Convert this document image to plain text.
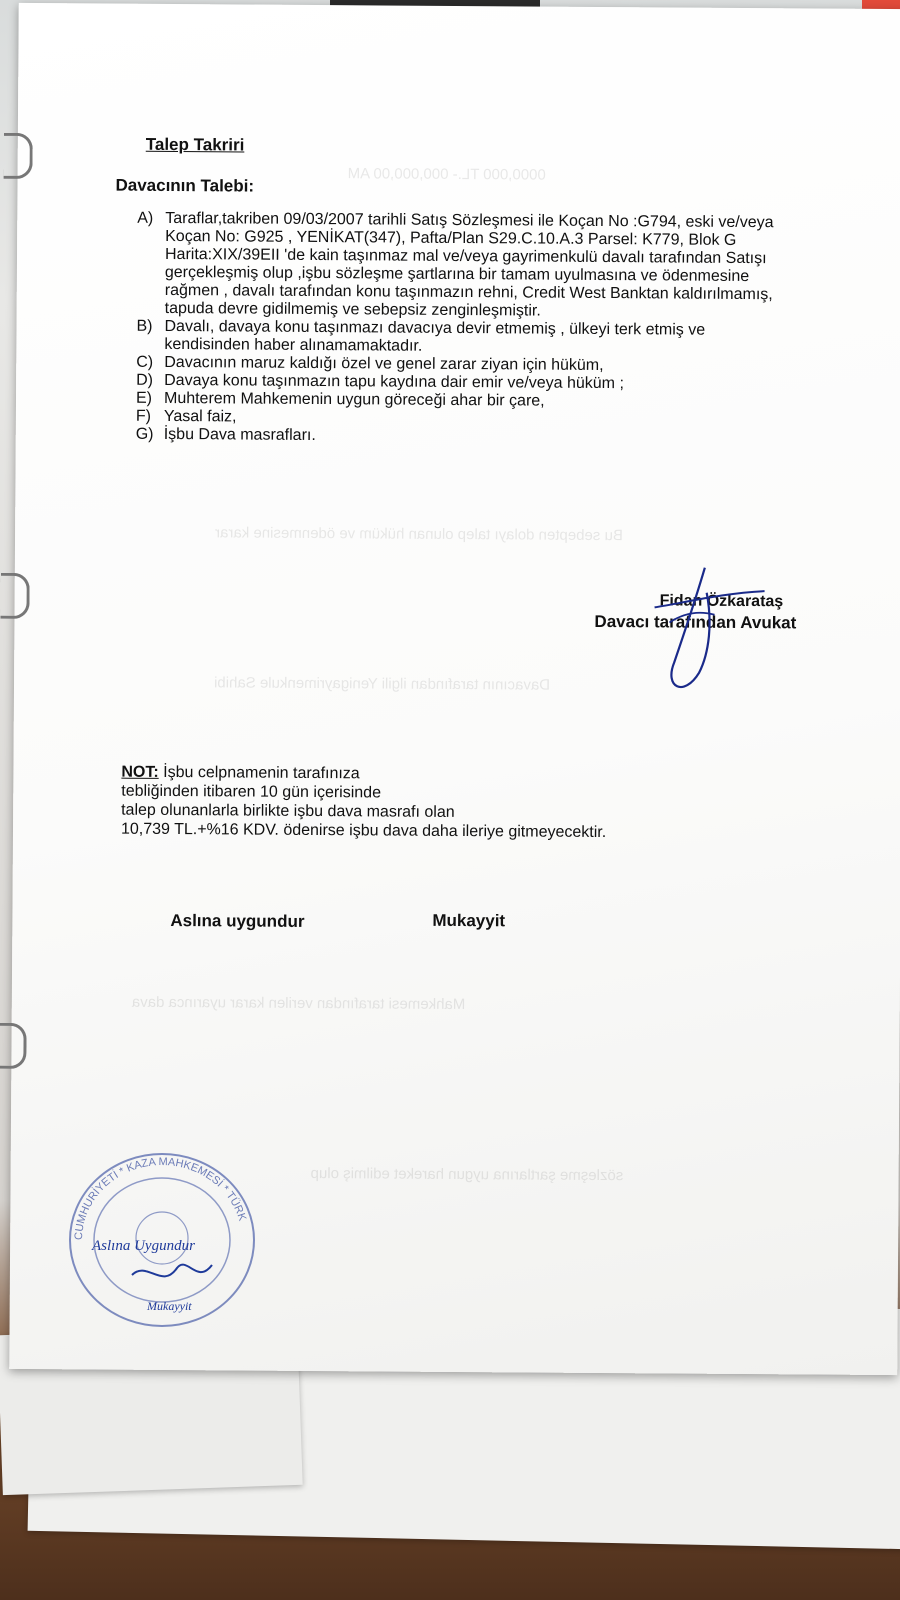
0000,000 TL.- 000,000,00 AM
Bu sebepten dolayı talep olunan hüküm ve ödenmesine karar
Davacının tarafından ilgili Yenigayrimenkule Sahibi
Mahkemesi tarafından verilen karar uyarınca dava
sözleşme şartlarına uygun hareket edilmiş olup
Talep Takriri
Davacının Talebi:
A) Taraflar,takriben 09/03/2007 tarihli Satış Sözleşmesi ile Koçan No :G794, eski ve/veya
Koçan No: G925 , YENİKAT(347), Pafta/Plan S29.C.10.A.3 Parsel: K779, Blok G
Harita:XIX/39EII 'de kain taşınmaz mal ve/veya gayrimenkulü davalı tarafından Satışı
gerçekleşmiş olup ,işbu sözleşme şartlarına bir tamam uyulmasına ve ödenmesine
rağmen , davalı tarafından konu taşınmazın rehni, Credit West Banktan kaldırılmamış,
tapuda devre gidilmemiş ve sebepsiz zenginleşmiştir.
B) Davalı, davaya konu taşınmazı davacıya devir etmemiş , ülkeyi terk etmiş ve
kendisinden haber alınamamaktadır.
C) Davacının maruz kaldığı özel ve genel zarar ziyan için hüküm,
D) Davaya konu taşınmazın tapu kaydına dair emir ve/veya hüküm ;
E) Muhterem Mahkemenin uygun göreceği ahar bir çare,
F) Yasal faiz,
G) İşbu Dava masrafları.
Fidan Özkarataş
Davacı tarafından Avukat
NOT: İşbu celpnamenin tarafınıza
tebliğinden itibaren 10 gün içerisinde
talep olunanlarla birlikte işbu dava masrafı olan
10,739 TL.+%16 KDV. ödenirse işbu dava daha ileriye gitmeyecektir.
Aslına uygundur	Mukayyit
CUMHURİYETİ * KAZA MAHKEMESİ * TÜRK
Aslına Uygundur
Mukayyit
